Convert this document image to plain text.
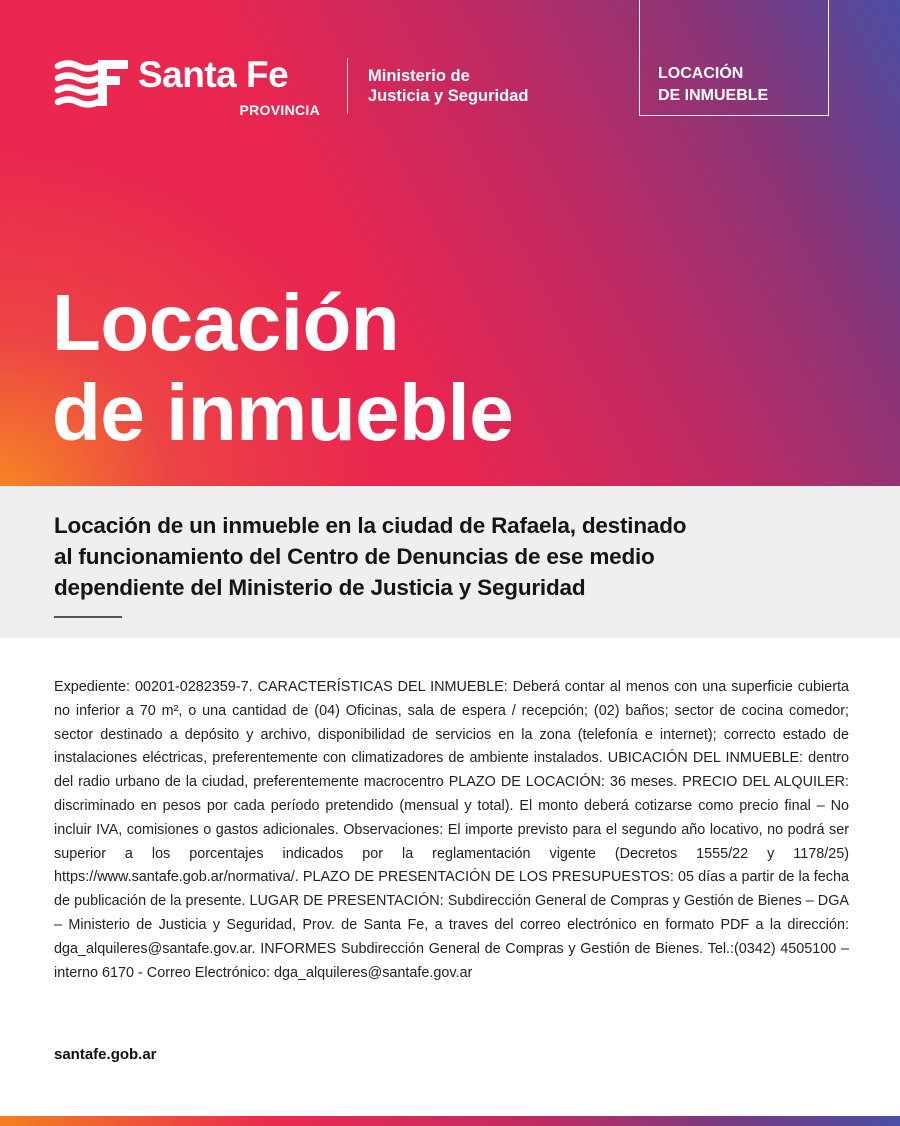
Santa Fe
PROVINCIA
Ministerio de
Justicia y Seguridad
LOCACIÓN
DE INMUEBLE
Locación
de inmueble
Locación de un inmueble en la ciudad de Rafaela, destinado
al funcionamiento del Centro de Denuncias de ese medio
dependiente del Ministerio de Justicia y Seguridad
Expediente: 00201-0282359-7. CARACTERÍSTICAS DEL INMUEBLE: Deberá contar al menos con una superficie cubierta no inferior a 70 m², o una cantidad de (04) Oficinas, sala de espera / recepción; (02) baños; sector de cocina comedor; sector destinado a depósito y archivo, disponibilidad de servicios en la zona (telefonía e internet); correcto estado de instalaciones eléctricas, preferentemente con climatizadores de ambiente instalados. UBICACIÓN DEL INMUEBLE: dentro del radio urbano de la ciudad, preferentemente macrocentro PLAZO DE LOCACIÓN: 36 meses. PRECIO DEL ALQUILER: discriminado en pesos por cada período pretendido (mensual y total). El monto deberá cotizarse como precio final – No incluir IVA, comisiones o gastos adicionales. Observaciones: El importe previsto para el segundo año locativo, no podrá ser superior a los porcentajes indicados por la reglamentación vigente (Decretos 1555/22 y 1178/25) https://www.santafe.gob.ar/normativa/. PLAZO DE PRESENTACIÓN DE LOS PRESUPUESTOS: 05 días a partir de la fecha de publicación de la presente. LUGAR DE PRESENTACIÓN: Subdirección General de Compras y Gestión de Bienes – DGA – Ministerio de Justicia y Seguridad, Prov. de Santa Fe, a traves del correo electrónico en formato PDF a la dirección: dga_alquileres@santafe.gov.ar. INFORMES Subdirección General de Compras y Gestión de Bienes. Tel.:(0342) 4505100 – interno 6170 - Correo Electrónico: dga_alquileres@santafe.gov.ar
santafe.gob.ar
